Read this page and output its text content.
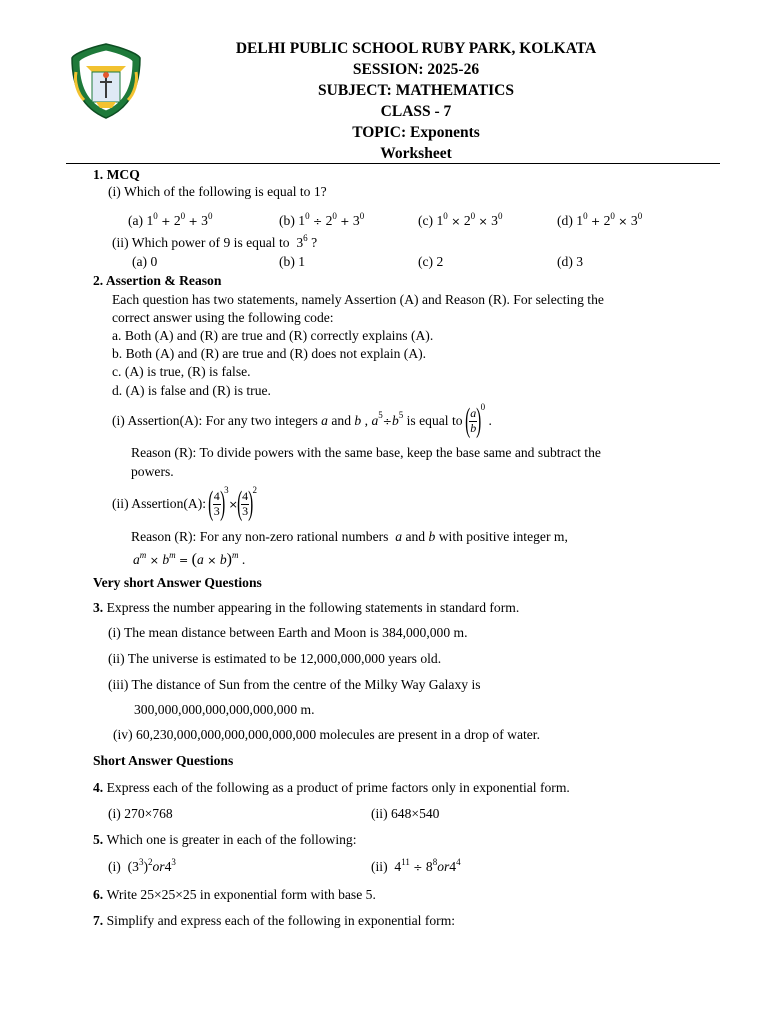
DELHI PUBLIC SCHOOL RUBY PARK, KOLKATA
SESSION: 2025-26
SUBJECT: MATHEMATICS
CLASS - 7
TOPIC: Exponents
Worksheet
1. MCQ
(i) Which of the following is equal to 1?
(a) $1^0 + 2^0 + 3^0$	(b) $1^0 \div 2^0 + 3^0$	(c) $1^0 \times 2^0 \times 3^0$	(d) $1^0 + 2^0 \times 3^0$
(ii) Which power of 9 is equal to $3^6$ ?
(a) 0	(b) 1	(c) 2	(d) 3
2. Assertion & Reason
Each question has two statements, namely Assertion (A) and Reason (R). For selecting the
correct answer using the following code:
a. Both (A) and (R) are true and (R) correctly explains (A).
b. Both (A) and (R) are true and (R) does not explain (A).
c. (A) is true, (R) is false.
d. (A) is false and (R) is true.
(i) Assertion(A): For any two integers
a
and
b
,
$a^5 \div b^5$
is equal to
( $\frac{a}{b} )^0$

.
Reason (R): To divide powers with the same base, keep the base same and subtract the
powers.
(ii) Assertion(A):
( $\frac{4}{3} )^3$
× ( $\frac{4}{3} )^2$
Reason (R): For any non-zero rational numbers a and b with positive integer m,
$a^m \times b^m = (a \times b)^m$ .
Very short Answer Questions
3. Express the number appearing in the following statements in standard form.
(i) The mean distance between Earth and Moon is 384,000,000 m.
(ii) The universe is estimated to be 12,000,000,000 years old.
(iii) The distance of Sun from the centre of the Milky Way Galaxy is
300,000,000,000,000,000,000 m.
(iv) 60,230,000,000,000,000,000,000 molecules are present in a drop of water.
Short Answer Questions
4. Express each of the following as a product of prime factors only in exponential form.
(i) 270×768	(ii) 648×540
5. Which one is greater in each of the following:
(i) $(3^3)^2or4^3$	(ii) $4^{11} \div 8^8or4^4$
6. Write 25×25×25 in exponential form with base 5.
7. Simplify and express each of the following in exponential form:
